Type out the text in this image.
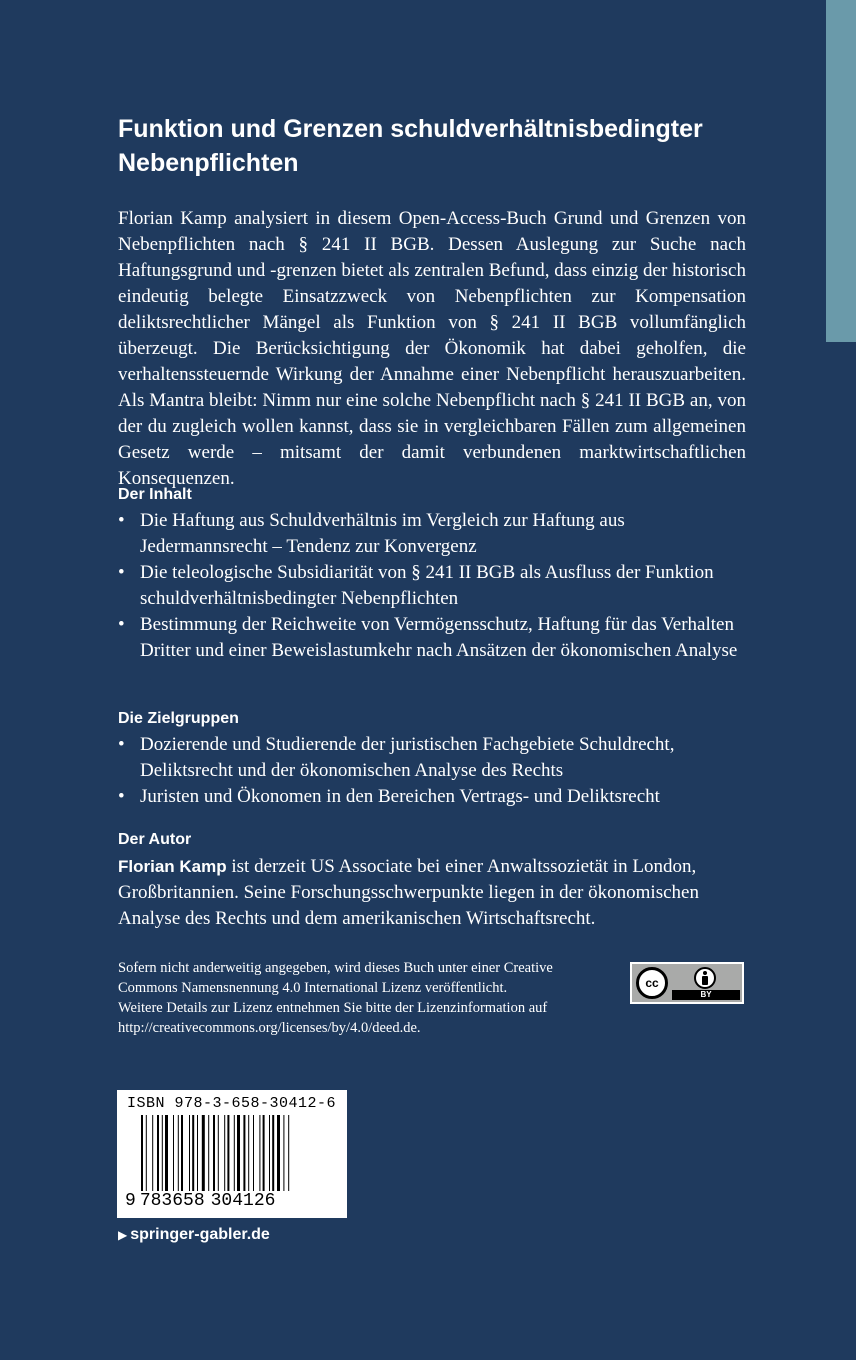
Funktion und Grenzen schuldverhältnisbedingter
Nebenpflichten

Florian Kamp analysiert in diesem Open-Access-Buch Grund und Grenzen von Nebenpflichten nach § 241 II BGB. Dessen Auslegung zur Suche nach Haftungsgrund und -grenzen bietet als zentralen Befund, dass einzig der historisch eindeutig belegte Einsatzzweck von Nebenpflichten zur Kompensation deliktsrechtlicher Mängel als Funktion von § 241 II BGB vollumfänglich überzeugt. Die Berücksichtigung der Ökonomik hat dabei geholfen, die verhaltenssteuernde Wirkung der Annahme einer Nebenpflicht herauszuarbeiten. Als Mantra bleibt: Nimm nur eine solche Nebenpflicht nach § 241 II BGB an, von der du zugleich wollen kannst, dass sie in vergleichbaren Fällen zum allgemeinen Gesetz werde – mitsamt der damit verbundenen marktwirtschaftlichen Konsequenzen.

Der Inhalt
• Die Haftung aus Schuldverhältnis im Vergleich zur Haftung aus Jedermannsrecht – Tendenz zur Konvergenz
• Die teleologische Subsidiarität von § 241 II BGB als Ausfluss der Funktion schuldverhältnisbedingter Nebenpflichten
• Bestimmung der Reichweite von Vermögensschutz, Haftung für das Verhalten Dritter und einer Beweislastumkehr nach Ansätzen der ökonomischen Analyse
Die Zielgruppen
• Dozierende und Studierende der juristischen Fachgebiete Schuldrecht, Deliktsrecht und der ökonomischen Analyse des Rechts
• Juristen und Ökonomen in den Bereichen Vertrags- und Deliktsrecht
Der Autor

Florian Kamp ist derzeit US Associate bei einer Anwaltssozietät in London, Großbritannien. Seine Forschungsschwerpunkte liegen in der ökonomischen Analyse des Rechts und dem amerikanischen Wirtschaftsrecht.

Sofern nicht anderweitig angegeben, wird dieses Buch unter einer Creative
Commons Namensnennung 4.0 International Lizenz veröffentlicht.
Weitere Details zur Lizenz entnehmen Sie bitte der Lizenzinformation auf
http://creativecommons.org/licenses/by/4.0/deed.de.

cc
BY
ISBN 978-3-658-30412-6
9 783658 304126
▶ springer-gabler.de
